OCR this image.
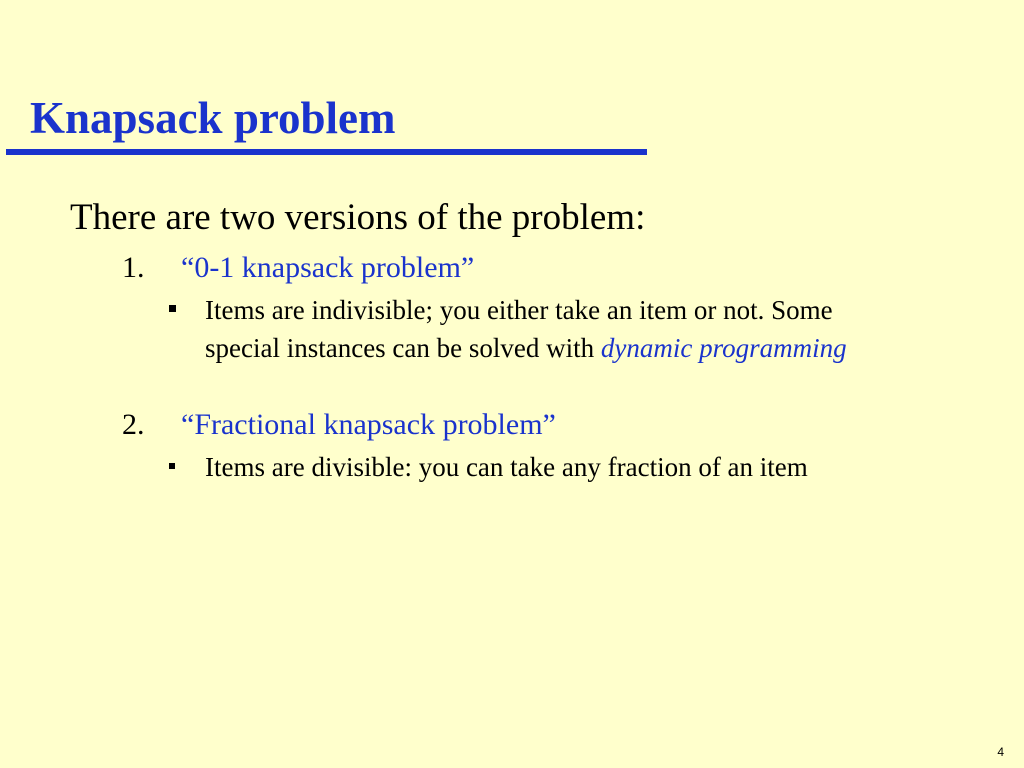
Knapsack problem
There are two versions of the problem:
1. “0-1 knapsack problem”
Items are indivisible; you either take an item or not. Some
special instances can be solved with dynamic programming
2. “Fractional knapsack problem”
Items are divisible: you can take any fraction of an item
4
